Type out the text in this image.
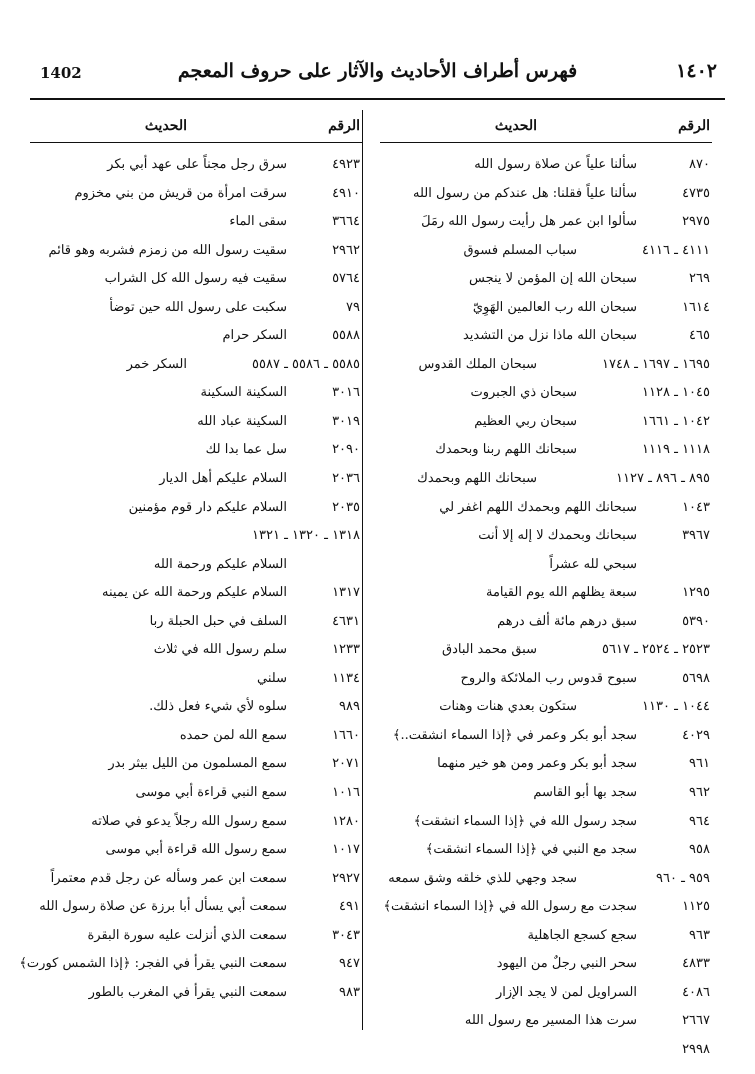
1402	فهرس أطراف الأحاديث والآثار على حروف المعجم	١٤٠٢
الرقم
الحديث
٨٧٠
سألنا علياً عن صلاة رسول الله
٤٧٣٥
سألنا علياً فقلنا: هل عندكم من رسول الله
٢٩٧٥
سألوا ابن عمر هل رأيت رسول الله رمَلَ
٤١١١ ـ ٤١١٦
سباب المسلم فسوق
٢٦٩
سبحان الله إن المؤمن لا ينجس
١٦١٤
سبحان الله رب العالمين الهَوِيّ
٤٦٥
سبحان الله ماذا نزل من التشديد
١٦٩٥ ـ ١٦٩٧ ـ ١٧٤٨
سبحان الملك القدوس
١٠٤٥ ـ ١١٢٨
سبحان ذي الجبروت
١٠٤٢ ـ ١٦٦١
سبحان ربي العظيم
١١١٨ ـ ١١١٩
سبحانك اللهم ربنا وبحمدك
٨٩٥ ـ ٨٩٦ ـ ١١٢٧
سبحانك اللهم وبحمدك
١٠٤٣
سبحانك اللهم وبحمدك اللهم اغفر لي
٣٩٦٧
سبحانك وبحمدك لا إله إلا أنت
سبحي لله عشراً
١٢٩٥
سبعة يظلهم الله يوم القيامة
٥٣٩٠
سبق درهم مائة ألف درهم
٢٥٢٣ ـ ٢٥٢٤ ـ ٥٦١٧
سبق محمد البادق
٥٦٩٨
سبوح قدوس رب الملائكة والروح
١٠٤٤ ـ ١١٣٠
ستكون بعدي هنات وهنات
٤٠٢٩
سجد أبو بكر وعمر في ﴿إذا السماء انشقت..﴾
٩٦١
سجد أبو بكر وعمر ومن هو خير منهما
٩٦٢
سجد بها أبو القاسم
٩٦٤
سجد رسول الله في ﴿إذا السماء انشقت﴾
٩٥٨
سجد مع النبي في ﴿إذا السماء انشقت﴾
٩٥٩ ـ ٩٦٠
سجد وجهي للذي خلقه وشق سمعه
١١٢٥
سجدت مع رسول الله في ﴿إذا السماء انشقت﴾
٩٦٣
سجع كسجع الجاهلية
٤٨٣٣
سحر النبي رجلٌ من اليهود
٤٠٨٦
السراويل لمن لا يجد الإزار
٢٦٦٧
سرت هذا المسير مع رسول الله
٢٩٩٨
الرقم
الحديث
٤٩٢٣
سرق رجل مجناً على عهد أبي بكر
٤٩١٠
سرقت امرأة من قريش من بني مخزوم
٣٦٦٤
سقى الماء
٢٩٦٢
سقيت رسول الله من زمزم فشربه وهو قائم
٥٧٦٤
سقيت فيه رسول الله كل الشراب
٧٩
سكبت على رسول الله حين توضأ
٥٥٨٨
السكر حرام
٥٥٨٥ ـ ٥٥٨٦ ـ ٥٥٨٧
السكر خمر
٣٠١٦
السكينة السكينة
٣٠١٩
السكينة عباد الله
٢٠٩٠
سل عما بدا لك
٢٠٣٦
السلام عليكم أهل الديار
٢٠٣٥
السلام عليكم دار قوم مؤمنين
١٣١٨ ـ ١٣٢٠ ـ ١٣٢١
السلام عليكم ورحمة الله
١٣١٧
السلام عليكم ورحمة الله عن يمينه
٤٦٣١
السلف في حبل الحبلة ربا
١٢٣٣
سلم رسول الله في ثلاث
١١٣٤
سلني
٩٨٩
سلوه لأي شيء فعل ذلك.
١٦٦٠
سمع الله لمن حمده
٢٠٧١
سمع المسلمون من الليل بيثر بدر
١٠١٦
سمع النبي قراءة أبي موسى
١٢٨٠
سمع رسول الله رجلاً يدعو في صلاته
١٠١٧
سمع رسول الله قراءة أبي موسى
٢٩٢٧
سمعت ابن عمر وسأله عن رجل قدم معتمراً
٤٩١
سمعت أبي يسأل أبا برزة عن صلاة رسول الله
٣٠٤٣
سمعت الذي أنزلت عليه سورة البقرة
٩٤٧
سمعت النبي يقرأ في الفجر: ﴿إذا الشمس كورت﴾
٩٨٣
سمعت النبي يقرأ في المغرب بالطور
